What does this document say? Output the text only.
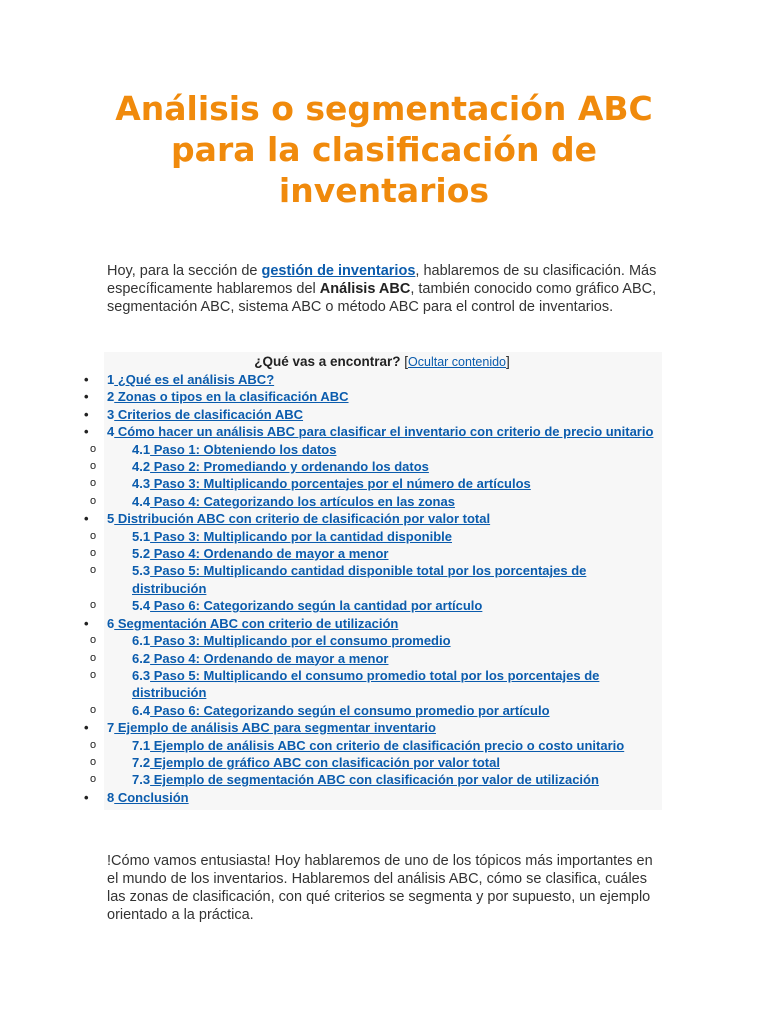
Análisis o segmentación ABC para la clasificación de inventarios

Hoy, para la sección de gestión de inventarios, hablaremos de su clasificación. Más específicamente hablaremos del Análisis ABC, también conocido como gráfico ABC, segmentación ABC, sistema ABC o método ABC para el control de inventarios.

¿Qué vas a encontrar? [Ocultar contenido]
• 1 ¿Qué es el análisis ABC?
• 2 Zonas o tipos en la clasificación ABC
• 3 Criterios de clasificación ABC
• 4 Cómo hacer un análisis ABC para clasificar el inventario con criterio de precio unitario
o 4.1 Paso 1: Obteniendo los datos
o 4.2 Paso 2: Promediando y ordenando los datos
o 4.3 Paso 3: Multiplicando porcentajes por el número de artículos
o 4.4 Paso 4: Categorizando los artículos en las zonas
• 5 Distribución ABC con criterio de clasificación por valor total
o 5.1 Paso 3: Multiplicando por la cantidad disponible
o 5.2 Paso 4: Ordenando de mayor a menor
o 5.3 Paso 5: Multiplicando cantidad disponible total por los porcentajes de distribución
o 5.4 Paso 6: Categorizando según la cantidad por artículo
• 6 Segmentación ABC con criterio de utilización
o 6.1 Paso 3: Multiplicando por el consumo promedio
o 6.2 Paso 4: Ordenando de mayor a menor
o 6.3 Paso 5: Multiplicando el consumo promedio total por los porcentajes de distribución
o 6.4 Paso 6: Categorizando según el consumo promedio por artículo
• 7 Ejemplo de análisis ABC para segmentar inventario
o 7.1 Ejemplo de análisis ABC con criterio de clasificación precio o costo unitario
o 7.2 Ejemplo de gráfico ABC con clasificación por valor total
o 7.3 Ejemplo de segmentación ABC con clasificación por valor de utilización
• 8 Conclusión

!Cómo vamos entusiasta! Hoy hablaremos de uno de los tópicos más importantes en el mundo de los inventarios. Hablaremos del análisis ABC, cómo se clasifica, cuáles las zonas de clasificación, con qué criterios se segmenta y por supuesto, un ejemplo orientado a la práctica.
